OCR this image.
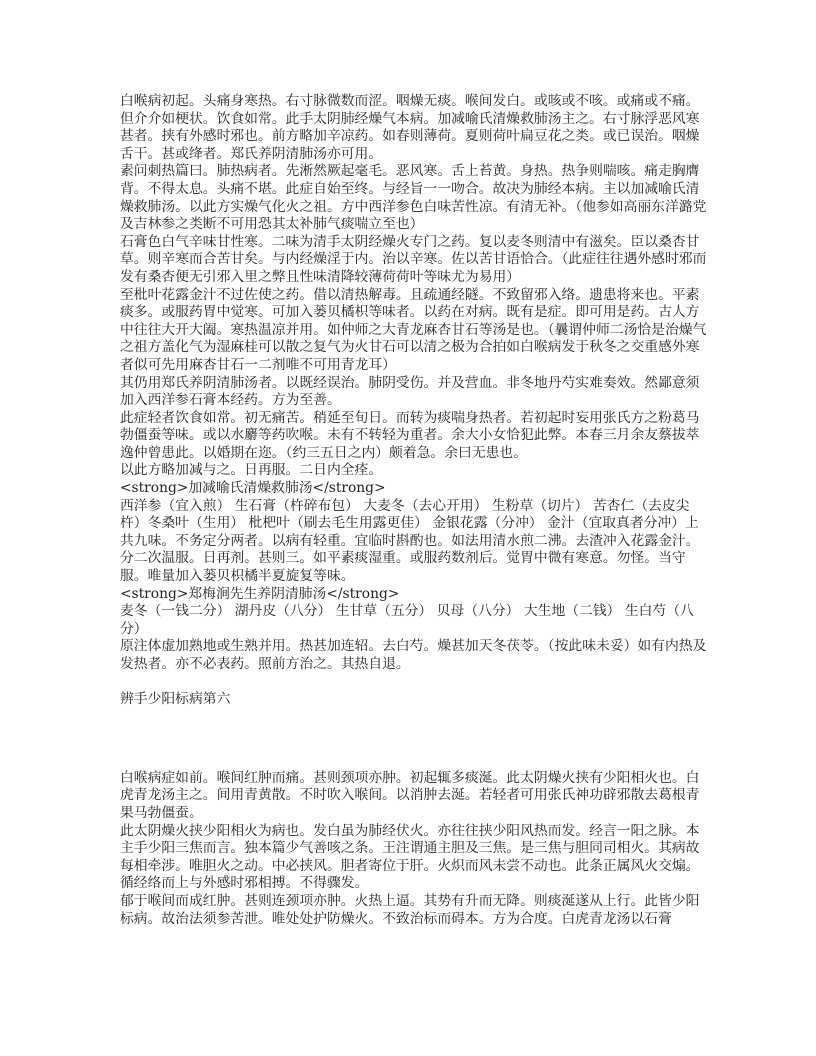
白喉病初起。头痛身寒热。右寸脉微数而涩。咽燥无痰。喉间发白。或咳或不咳。或痛或不痛。但介介如梗状。饮食如常。此手太阴肺经燥气本病。加减喻氏清燥救肺汤主之。右寸脉浮恶风寒甚者。挟有外感时邪也。前方略加辛凉药。如春则薄荷。夏则荷叶扁豆花之类。或已误治。咽燥舌干。甚或绛者。郑氏养阴清肺汤亦可用。

素问刺热篇曰。肺热病者。先淅然厥起毫毛。恶风寒。舌上苔黄。身热。热争则喘咳。痛走胸膺背。不得太息。头痛不堪。此症自始至终。与经旨一一吻合。故决为肺经本病。主以加减喻氏清燥救肺汤。以此方实燥气化火之祖。方中西洋参色白味苦性凉。有清无补。（他参如高丽东洋潞党及吉林参之类断不可用恐其太补肺气痰喘立至也）

石膏色白气辛味甘性寒。二味为清手太阴经燥火专门之药。复以麦冬则清中有滋矣。臣以桑杏甘草。则辛寒而合苦甘矣。与内经燥淫于内。治以辛寒。佐以苦甘语恰合。（此症往往遇外感时邪而发有桑杏便无引邪入里之弊且性味清降较薄荷荷叶等味尤为易用）

至枇叶花露金汁不过佐使之药。借以清热解毒。且疏通经隧。不致留邪入络。遗患将来也。平素痰多。或服药胃中觉寒。可加入蒌贝橘枳等味者。以药在对病。既有是症。即可用是药。古人方中往往大开大阖。寒热温凉并用。如仲师之大青龙麻杏甘石等汤是也。（曩谓仲师二汤恰是治燥气之祖方盖化气为湿麻桂可以散之复气为火甘石可以清之极为合拍如白喉病发于秋冬之交重感外寒者似可先用麻杏甘石一二剂唯不可用青龙耳）

其仍用郑氏养阴清肺汤者。以既经误治。肺阴受伤。并及营血。非冬地丹芍实难奏效。然鄙意须加入西洋参石膏本经药。方为至善。

此症轻者饮食如常。初无痛苦。稍延至旬日。而转为痰喘身热者。若初起时妄用张氏方之粉葛马勃僵蚕等味。或以水麝等药吹喉。未有不转轻为重者。余大小女恰犯此弊。本春三月余友蔡拔萃逸仲曾患此。以婚期在迩。（约三五日之内）颇着急。余曰无患也。

以此方略加减与之。日再服。二日内全痊。

<strong>加减喻氏清燥救肺汤</strong>

西洋参（宜入煎） 生石膏（杵碎布包） 大麦冬（去心开用） 生粉草（切片） 苦杏仁（去皮尖杵）冬桑叶（生用） 枇杷叶（刷去毛生用露更佳） 金银花露（分冲） 金汁（宜取真者分冲）上共九味。不务定分两者。以病有轻重。宜临时斟酌也。如法用清水煎二沸。去渣冲入花露金汁。分二次温服。日再剂。甚则三。如平素痰湿重。或服药数剂后。觉胃中微有寒意。勿怪。当守服。唯量加入蒌贝枳橘半夏旋复等味。

<strong>郑梅涧先生养阴清肺汤</strong>

麦冬（一钱二分） 湖丹皮（八分） 生甘草（五分） 贝母（八分） 大生地（二钱） 生白芍（八分）

原注体虚加熟地或生熟并用。热甚加连轺。去白芍。燥甚加天冬茯苓。（按此味未妥）如有内热及发热者。亦不必表药。照前方治之。其热自退。

辨手少阳标病第六

白喉病症如前。喉间红肿而痛。甚则颈项亦肿。初起辄多痰涎。此太阴燥火挟有少阳相火也。白虎青龙汤主之。间用青黄散。不时吹入喉间。以消肿去涎。若轻者可用张氏神功辟邪散去葛根青果马勃僵蚕。

此太阴燥火挟少阳相火为病也。发白虽为肺经伏火。亦往往挟少阳风热而发。经言一阳之脉。本主手少阳三焦而言。独本篇少气善咳之条。王注谓通主胆及三焦。是三焦与胆同司相火。其病故每相牵涉。唯胆火之动。中必挟风。胆者寄位于肝。火炽而风未尝不动也。此条正属风火交煽。循经络而上与外感时邪相搏。不得骤发。

郁于喉间而成红肿。甚则连颈项亦肿。火热上逼。其势有升而无降。则痰涎遂从上行。此皆少阳标病。故治法须参苦泄。唯处处护防燥火。不致治标而碍本。方为合度。白虎青龙汤以石膏
